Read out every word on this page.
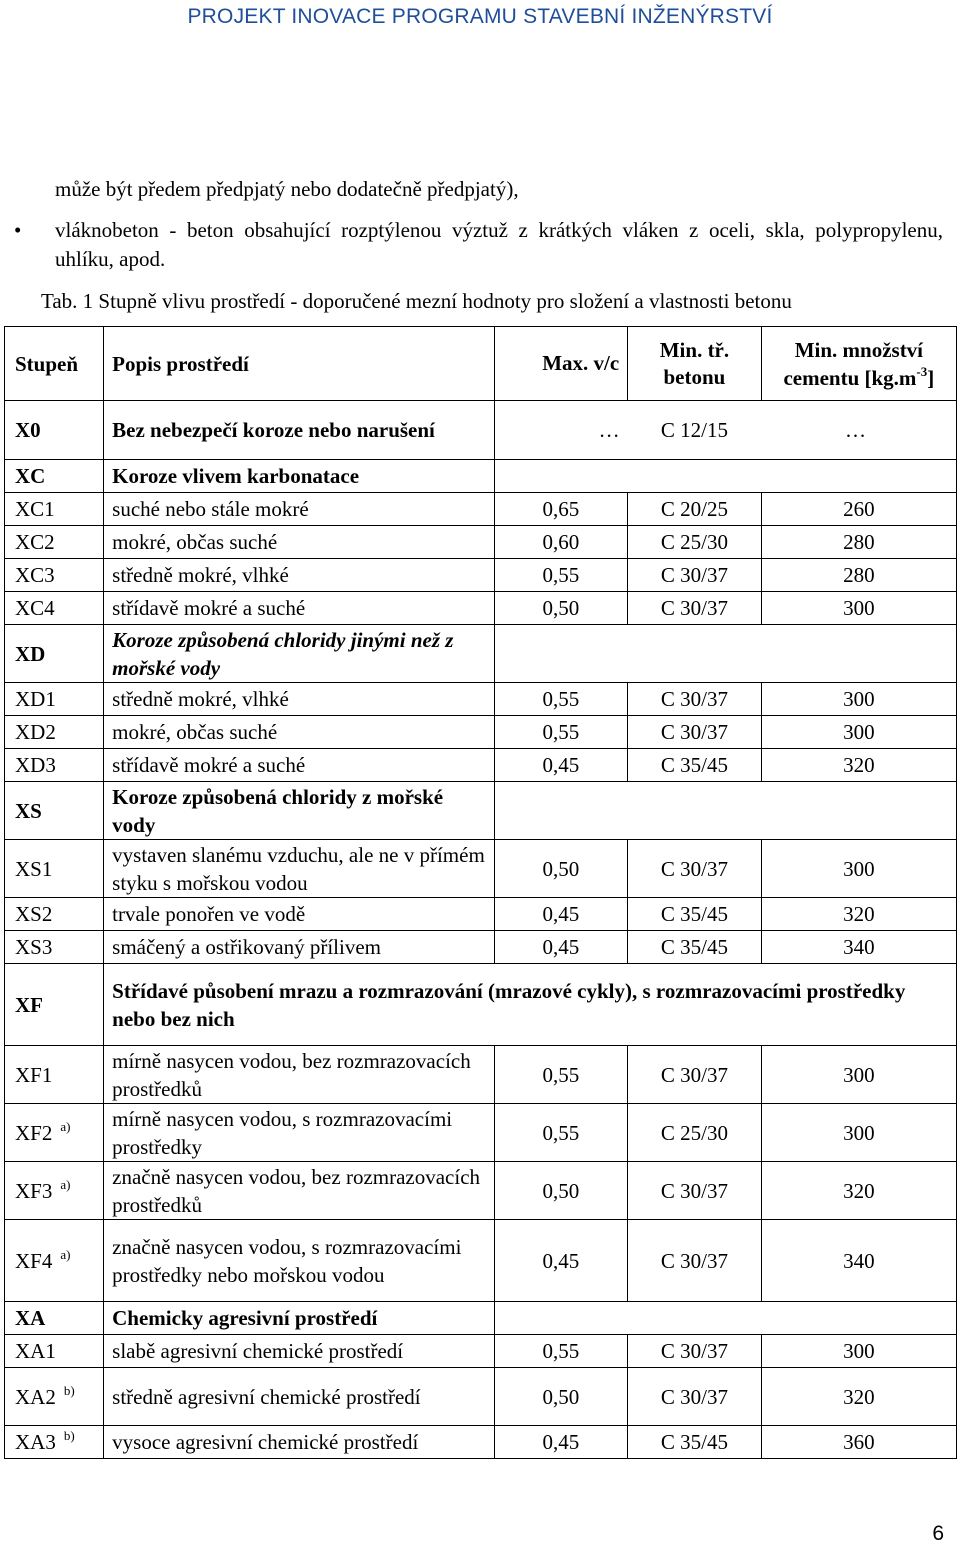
PROJEKT INOVACE PROGRAMU STAVEBNÍ INŽENÝRSTVÍ
může být předem předpjatý nebo dodatečně předpjatý),
• vláknobeton - beton obsahující rozptýlenou výztuž z krátkých vláken z oceli, skla, polypropylenu, uhlíku, apod.
Tab. 1 Stupně vlivu prostředí - doporučené mezní hodnoty pro složení a vlastnosti betonu
Stupeň	Popis prostředí	Max. v/c	Min. tř. betonu	Min. množství cementu $[kg.m^{-3}]$
X0	Bez nebezpečí koroze nebo narušení	…	C 12/15	…
XC	Koroze vlivem karbonatace			
XC1	suché nebo stále mokré	0,65	C 20/25	260
XC2	mokré, občas suché	0,60	C 25/30	280
XC3	středně mokré, vlhké	0,55	C 30/37	280
XC4	střídavě mokré a suché	0,50	C 30/37	300
XD	Koroze způsobená chloridy jinými než z mořské vody			
XD1	středně mokré, vlhké	0,55	C 30/37	300
XD2	mokré, občas suché	0,55	C 30/37	300
XD3	střídavě mokré a suché	0,45	C 35/45	320
XS	Koroze způsobená chloridy z mořské vody			
XS1	vystaven slanému vzduchu, ale ne v přímém styku s mořskou vodou	0,50	C 30/37	300
XS2	trvale ponořen ve vodě	0,45	C 35/45	320
XS3	smáčený a ostřikovaný přílivem	0,45	C 35/45	340
XF	Střídavé působení mrazu a rozmrazování (mrazové cykly), s rozmrazovacími prostředky nebo bez nich			
XF1	mírně nasycen vodou, bez rozmrazovacích prostředků	0,55	C 30/37	300
XF2 $^{a)}$	mírně nasycen vodou, s rozmrazovacími prostředky	0,55	C 25/30	300
XF3 $^{a)}$	značně nasycen vodou, bez rozmrazovacích prostředků	0,50	C 30/37	320
XF4 $^{a)}$	značně nasycen vodou, s rozmrazovacími prostředky nebo mořskou vodou	0,45	C 30/37	340
XA	Chemicky agresivní prostředí			
XA1	slabě agresivní chemické prostředí	0,55	C 30/37	300
XA2 $^{b)}$	středně agresivní chemické prostředí	0,50	C 30/37	320
XA3 $^{b)}$	vysoce agresivní chemické prostředí	0,45	C 35/45	360
6
